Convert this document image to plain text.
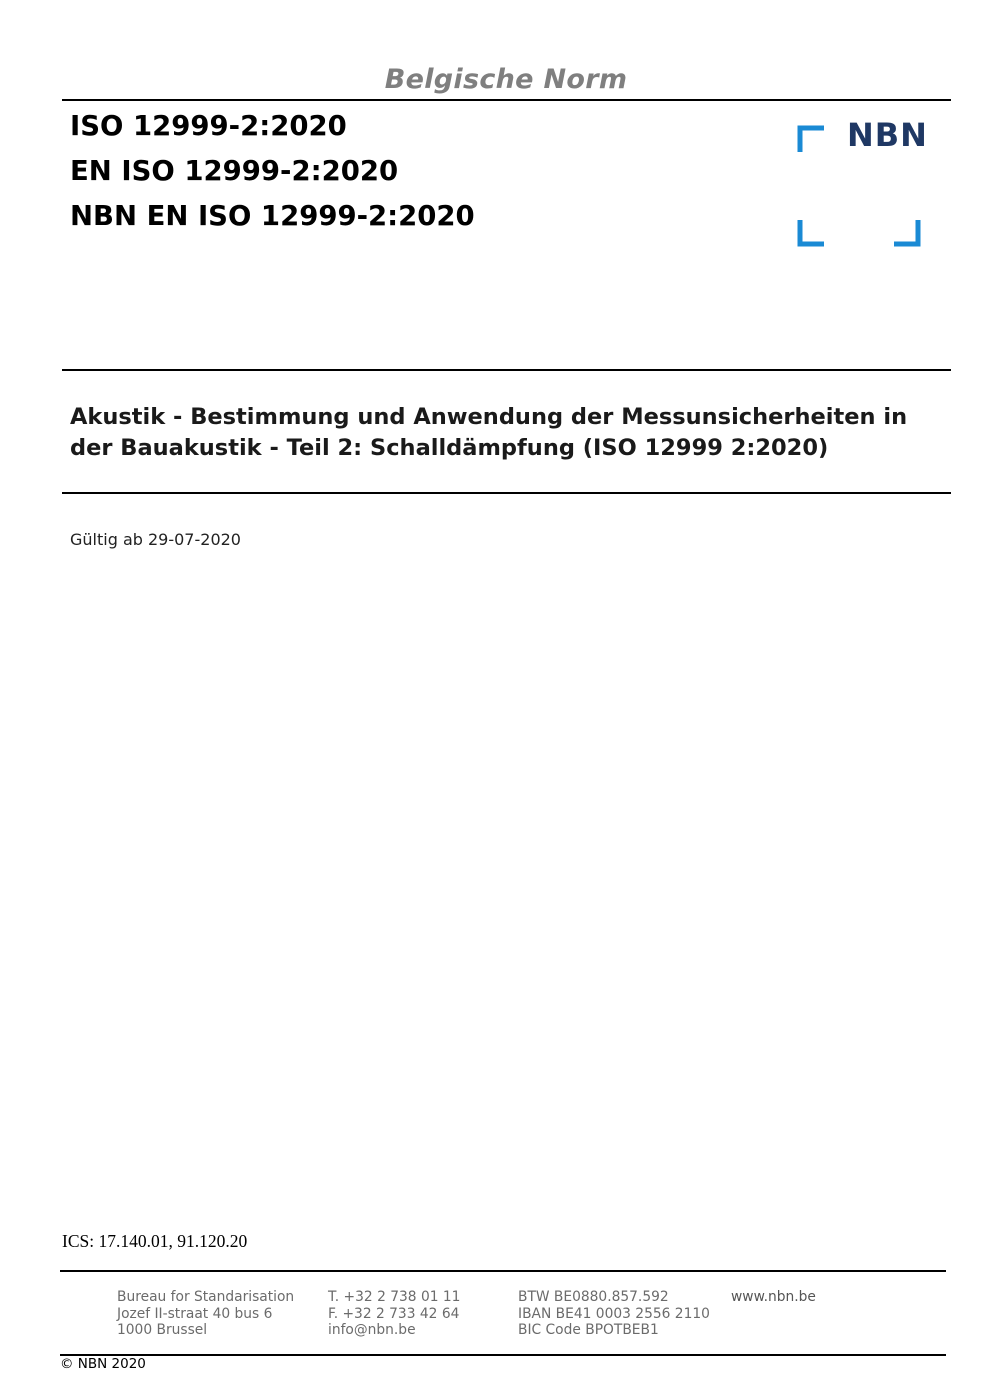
Belgische Norm
ISO 12999-2:2020
EN ISO 12999-2:2020
NBN EN ISO 12999-2:2020
NBN
Akustik - Bestimmung und Anwendung der Messunsicherheiten in
der Bauakustik - Teil 2: Schalldämpfung (ISO 12999 2:2020)
Gültig ab 29-07-2020
ICS: 17.140.01, 91.120.20
Bureau for Standarisation
Jozef II-straat 40 bus 6
1000 Brussel
T. +32 2 738 01 11
F. +32 2 733 42 64
info@nbn.be
BTW BE0880.857.592
IBAN BE41 0003 2556 2110
BIC Code BPOTBEB1
www.nbn.be
© NBN 2020
